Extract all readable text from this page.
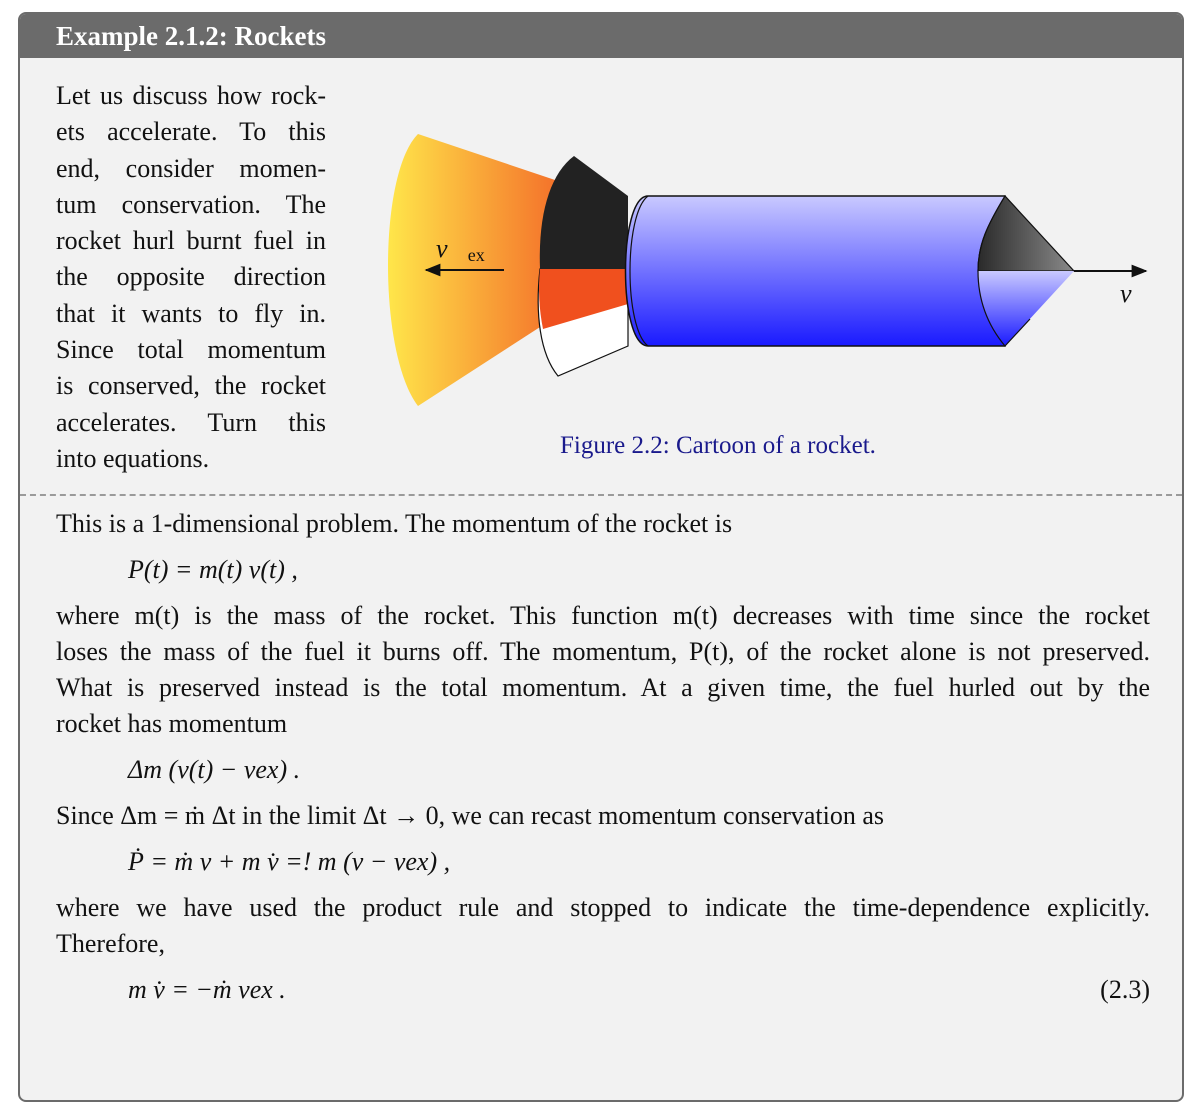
Example 2.1.2: Rockets
Let us discuss how rock-
ets accelerate. To this
end, consider momen-
tum conservation. The
rocket hurl burnt fuel in
the opposite direction
that it wants to fly in.
Since total momentum
is conserved, the rocket
accelerates. Turn this
into equations.
v⃗
v⃗ex
Figure 2.2: Cartoon of a rocket.

This is a 1-dimensional problem. The momentum of the rocket is

P(t) = m(t) v(t) ,

where m(t) is the mass of the rocket. This function m(t) decreases with time since the rocket
loses the mass of the fuel it burns off. The momentum, P(t), of the rocket alone is not preserved.
What is preserved instead is the total momentum. At a given time, the fuel hurled out by the
rocket has momentum

Δm (v(t) − vex) .

Since Δm = ṁ Δt in the limit Δt → 0, we can recast momentum conservation as

Ṗ = ṁ v + m v̇ =! m (v − vex) ,

where we have used the product rule and stopped to indicate the time-dependence explicitly.
Therefore,

m v̇ = −ṁ vex .	(2.3)
